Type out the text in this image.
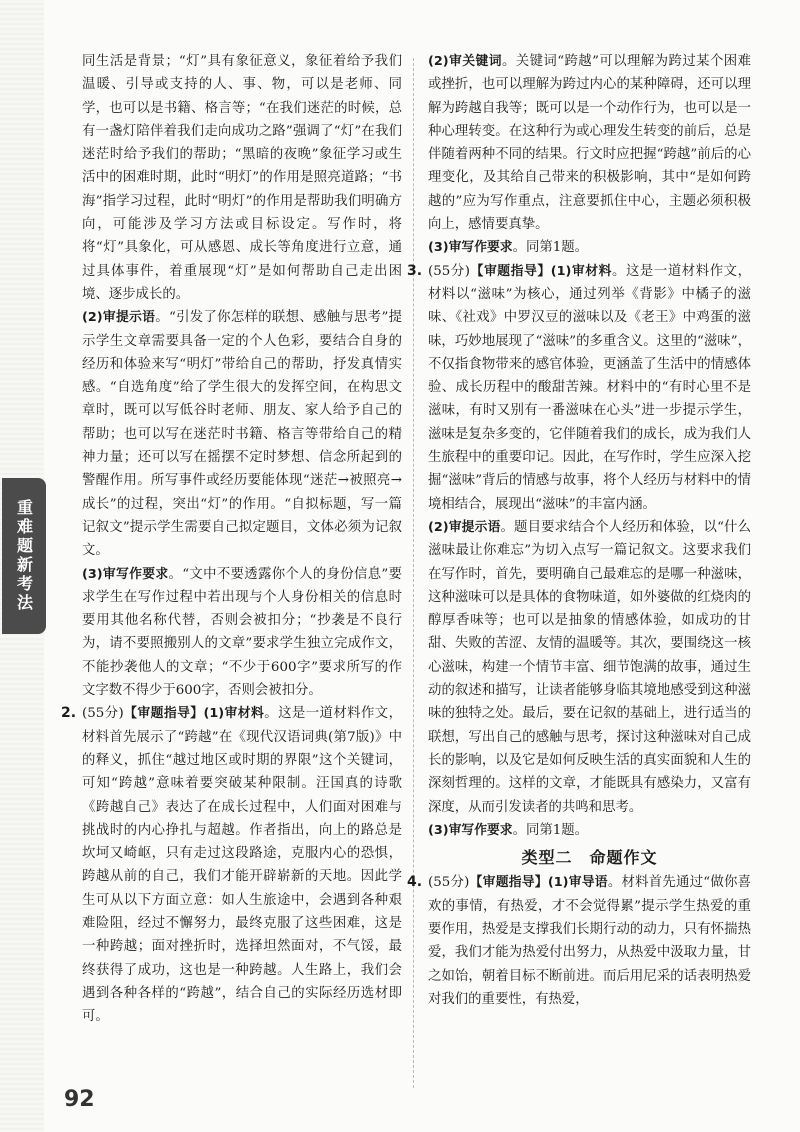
重难题新考法

同生活是背景；“灯”具有象征意义，象征着给予我们温暖、引导或支持的人、事、物，可以是老师、同学，也可以是书籍、格言等；“在我们迷茫的时候，总有一盏灯陪伴着我们走向成功之路”强调了“灯”在我们迷茫时给予我们的帮助；“黑暗的夜晚”象征学习或生活中的困难时期，此时“明灯”的作用是照亮道路；“书海”指学习过程，此时“明灯”的作用是帮助我们明确方向，可能涉及学习方法或目标设定。写作时，将将“灯”具象化，可从感恩、成长等角度进行立意，通过具体事件，着重展现“灯”是如何帮助自己走出困境、逐步成长的。

(2)审提示语。“引发了你怎样的联想、感触与思考”提示学生文章需要具备一定的个人色彩，要结合自身的经历和体验来写“明灯”带给自己的帮助，抒发真情实感。“自选角度”给了学生很大的发挥空间，在构思文章时，既可以写低谷时老师、朋友、家人给予自己的帮助；也可以写在迷茫时书籍、格言等带给自己的精神力量；还可以写在摇摆不定时梦想、信念所起到的警醒作用。所写事件或经历要能体现“迷茫→被照亮→成长”的过程，突出“灯”的作用。“自拟标题，写一篇记叙文”提示学生需要自己拟定题目，文体必须为记叙文。

(3)审写作要求。“文中不要透露你个人的身份信息”要求学生在写作过程中若出现与个人身份相关的信息时要用其他名称代替，否则会被扣分；“抄袭是不良行为，请不要照搬别人的文章”要求学生独立完成作文，不能抄袭他人的文章；“不少于600字”要求所写的作文字数不得少于600字，否则会被扣分。

2. (55分)【审题指导】(1)审材料。这是一道材料作文，材料首先展示了“跨越”在《现代汉语词典(第7版)》中的释义，抓住“越过地区或时期的界限”这个关键词，可知“跨越”意味着要突破某种限制。汪国真的诗歌《跨越自己》表达了在成长过程中，人们面对困难与挑战时的内心挣扎与超越。作者指出，向上的路总是坎坷又崎岖，只有走过这段路途，克服内心的恐惧，跨越从前的自己，我们才能开辟崭新的天地。因此学生可从以下方面立意：如人生旅途中，会遇到各种艰难险阻，经过不懈努力，最终克服了这些困难，这是一种跨越；面对挫折时，选择坦然面对，不气馁，最终获得了成功，这也是一种跨越。人生路上，我们会遇到各种各样的“跨越”，结合自己的实际经历选材即可。

(2)审关键词。关键词“跨越”可以理解为跨过某个困难或挫折，也可以理解为跨过内心的某种障碍，还可以理解为跨越自我等；既可以是一个动作行为，也可以是一种心理转变。在这种行为或心理发生转变的前后，总是伴随着两种不同的结果。行文时应把握“跨越”前后的心理变化，及其给自己带来的积极影响，其中“是如何跨越的”应为写作重点，注意要抓住中心，主题必须积极向上，感情要真挚。

(3)审写作要求。同第1题。

3. (55分)【审题指导】(1)审材料。这是一道材料作文，材料以“滋味”为核心，通过列举《背影》中橘子的滋味、《社戏》中罗汉豆的滋味以及《老王》中鸡蛋的滋味，巧妙地展现了“滋味”的多重含义。这里的“滋味”，不仅指食物带来的感官体验，更涵盖了生活中的情感体验、成长历程中的酸甜苦辣。材料中的“有时心里不是滋味，有时又别有一番滋味在心头”进一步提示学生，滋味是复杂多变的，它伴随着我们的成长，成为我们人生旅程中的重要印记。因此，在写作时，学生应深入挖掘“滋味”背后的情感与故事，将个人经历与材料中的情境相结合，展现出“滋味”的丰富内涵。

(2)审提示语。题目要求结合个人经历和体验，以“什么滋味最让你难忘”为切入点写一篇记叙文。这要求我们在写作时，首先，要明确自己最难忘的是哪一种滋味，这种滋味可以是具体的食物味道，如外婆做的红烧肉的醇厚香味等；也可以是抽象的情感体验，如成功的甘甜、失败的苦涩、友情的温暖等。其次，要围绕这一核心滋味，构建一个情节丰富、细节饱满的故事，通过生动的叙述和描写，让读者能够身临其境地感受到这种滋味的独特之处。最后，要在记叙的基础上，进行适当的联想，写出自己的感触与思考，探讨这种滋味对自己成长的影响，以及它是如何反映生活的真实面貌和人生的深刻哲理的。这样的文章，才能既具有感染力，又富有深度，从而引发读者的共鸣和思考。

(3)审写作要求。同第1题。

类型二　命题作文
4. (55分)【审题指导】(1)审导语。材料首先通过“做你喜欢的事情，有热爱，才不会觉得累”提示学生热爱的重要作用，热爱是支撑我们长期行动的动力，只有怀揣热爱，我们才能为热爱付出努力，从热爱中汲取力量，甘之如饴，朝着目标不断前进。而后用尼采的话表明热爱对我们的重要性，有热爱，

92
